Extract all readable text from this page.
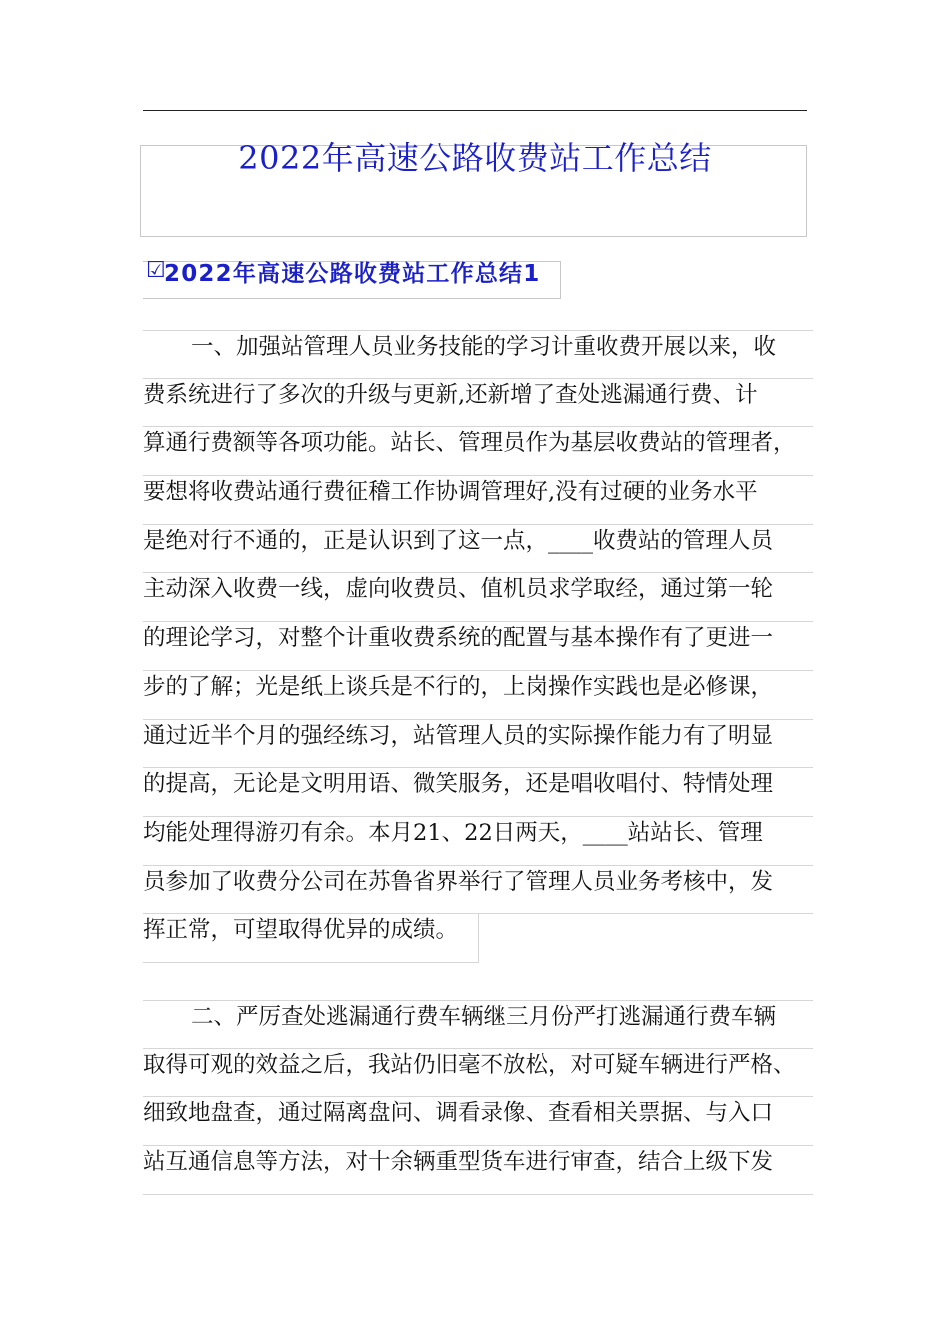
2022年高速公路收费站工作总结
☑
2022年高速公路收费站工作总结1
一、加强站管理人员业务技能的学习计重收费开展以来，收
费系统进行了多次的升级与更新,还新增了查处逃漏通行费、计
算通行费额等各项功能。站长、管理员作为基层收费站的管理者，
要想将收费站通行费征稽工作协调管理好,没有过硬的业务水平
是绝对行不通的，正是认识到了这一点，____收费站的管理人员
主动深入收费一线，虚向收费员、值机员求学取经，通过第一轮
的理论学习，对整个计重收费系统的配置与基本操作有了更进一
步的了解；光是纸上谈兵是不行的，上岗操作实践也是必修课，
通过近半个月的强经练习，站管理人员的实际操作能力有了明显
的提高，无论是文明用语、微笑服务，还是唱收唱付、特情处理
均能处理得游刃有余。本月21、22日两天，____站站长、管理
员参加了收费分公司在苏鲁省界举行了管理人员业务考核中，发
挥正常，可望取得优异的成绩。
二、严厉查处逃漏通行费车辆继三月份严打逃漏通行费车辆
取得可观的效益之后，我站仍旧毫不放松，对可疑车辆进行严格、
细致地盘查，通过隔离盘问、调看录像、查看相关票据、与入口
站互通信息等方法，对十余辆重型货车进行审查，结合上级下发
